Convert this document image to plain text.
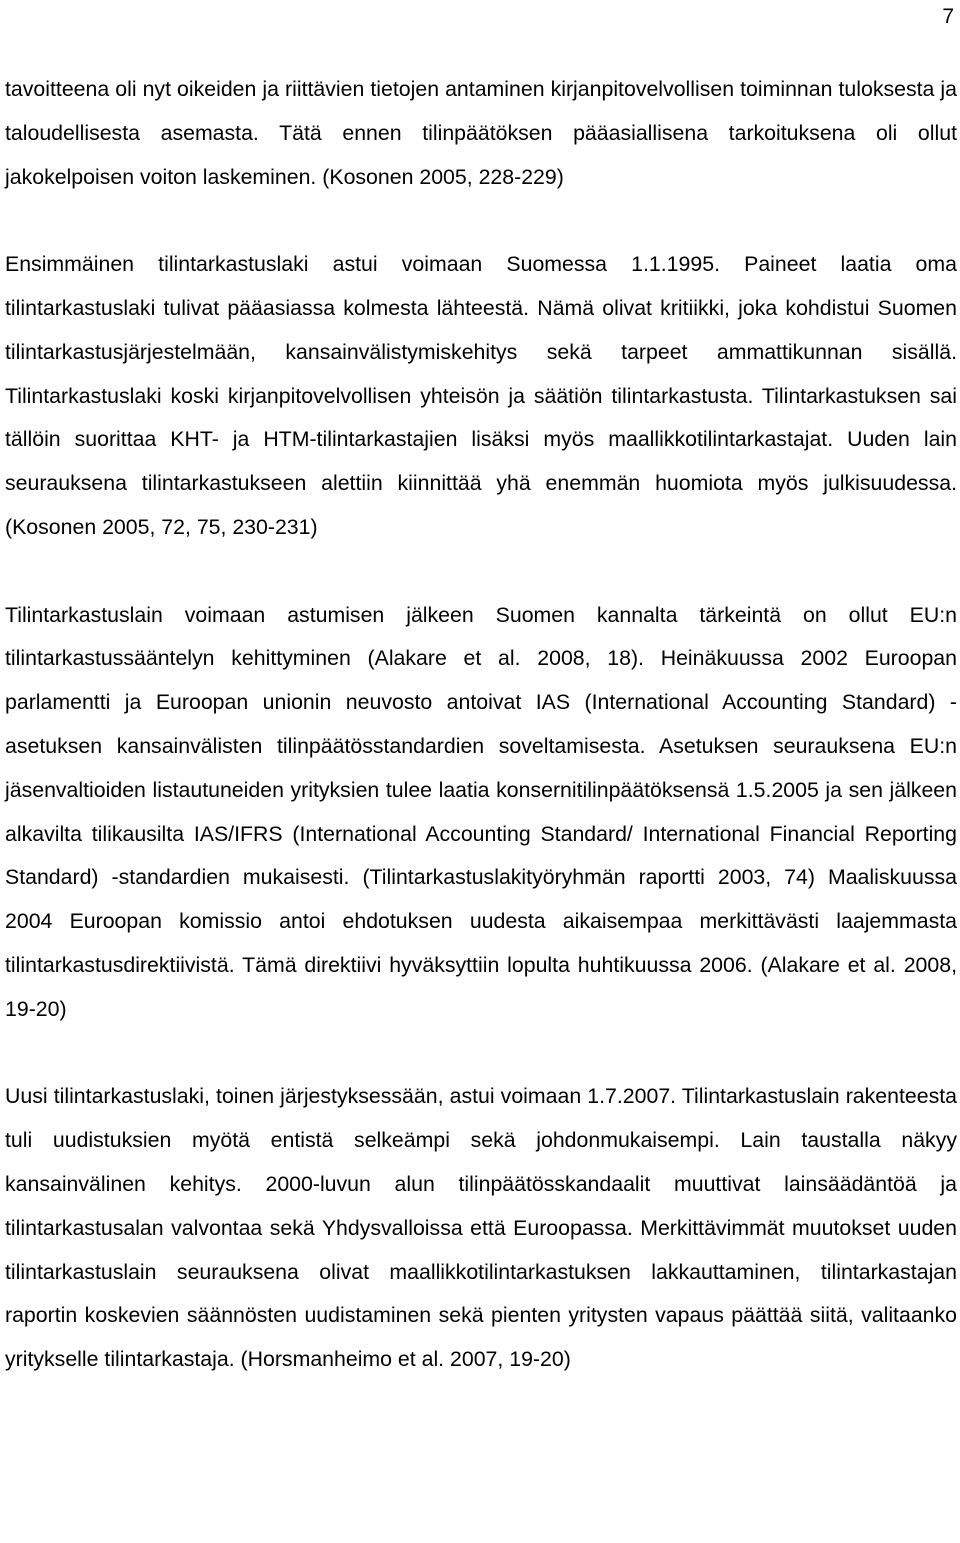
7

tavoitteena oli nyt oikeiden ja riittävien tietojen antaminen kirjanpitovelvollisen toiminnan tuloksesta ja taloudellisesta asemasta. Tätä ennen tilinpäätöksen pääasiallisena tarkoituksena oli ollut jakokelpoisen voiton laskeminen. (Kosonen 2005, 228-229)

Ensimmäinen tilintarkastuslaki astui voimaan Suomessa 1.1.1995. Paineet laatia oma tilintarkastuslaki tulivat pääasiassa kolmesta lähteestä. Nämä olivat kritiikki, joka kohdistui Suomen tilintarkastusjärjestelmään, kansainvälistymiskehitys sekä tarpeet ammattikunnan sisällä. Tilintarkastuslaki koski kirjanpitovelvollisen yhteisön ja säätiön tilintarkastusta. Tilintarkastuksen sai tällöin suorittaa KHT- ja HTM-tilintarkastajien lisäksi myös maallikkotilintarkastajat. Uuden lain seurauksena tilintarkastukseen alettiin kiinnittää yhä enemmän huomiota myös julkisuudessa. (Kosonen 2005, 72, 75, 230-231)

Tilintarkastuslain voimaan astumisen jälkeen Suomen kannalta tärkeintä on ollut EU:n tilintarkastussääntelyn kehittyminen (Alakare et al. 2008, 18). Heinäkuussa 2002 Euroopan parlamentti ja Euroopan unionin neuvosto antoivat IAS (International Accounting Standard) -asetuksen kansainvälisten tilinpäätösstandardien soveltamisesta. Asetuksen seurauksena EU:n jäsenvaltioiden listautuneiden yrityksien tulee laatia konsernitilinpäätöksensä 1.5.2005 ja sen jälkeen alkavilta tilikausilta IAS/IFRS (International Accounting Standard/ International Financial Reporting Standard) -standardien mukaisesti. (Tilintarkastuslakityöryhmän raportti 2003, 74) Maaliskuussa 2004 Euroopan komissio antoi ehdotuksen uudesta aikaisempaa merkittävästi laajemmasta tilintarkastusdirektiivistä. Tämä direktiivi hyväksyttiin lopulta huhtikuussa 2006. (Alakare et al. 2008, 19-20)

Uusi tilintarkastuslaki, toinen järjestyksessään, astui voimaan 1.7.2007. Tilintarkastuslain rakenteesta tuli uudistuksien myötä entistä selkeämpi sekä johdonmukaisempi. Lain taustalla näkyy kansainvälinen kehitys. 2000-luvun alun tilinpäätösskandaalit muuttivat lainsäädäntöä ja tilintarkastusalan valvontaa sekä Yhdysvalloissa että Euroopassa. Merkittävimmät muutokset uuden tilintarkastuslain seurauksena olivat maallikkotilintarkastuksen lakkauttaminen, tilintarkastajan raportin koskevien säännösten uudistaminen sekä pienten yritysten vapaus päättää siitä, valitaanko yritykselle tilintarkastaja. (Horsmanheimo et al. 2007, 19-20)
